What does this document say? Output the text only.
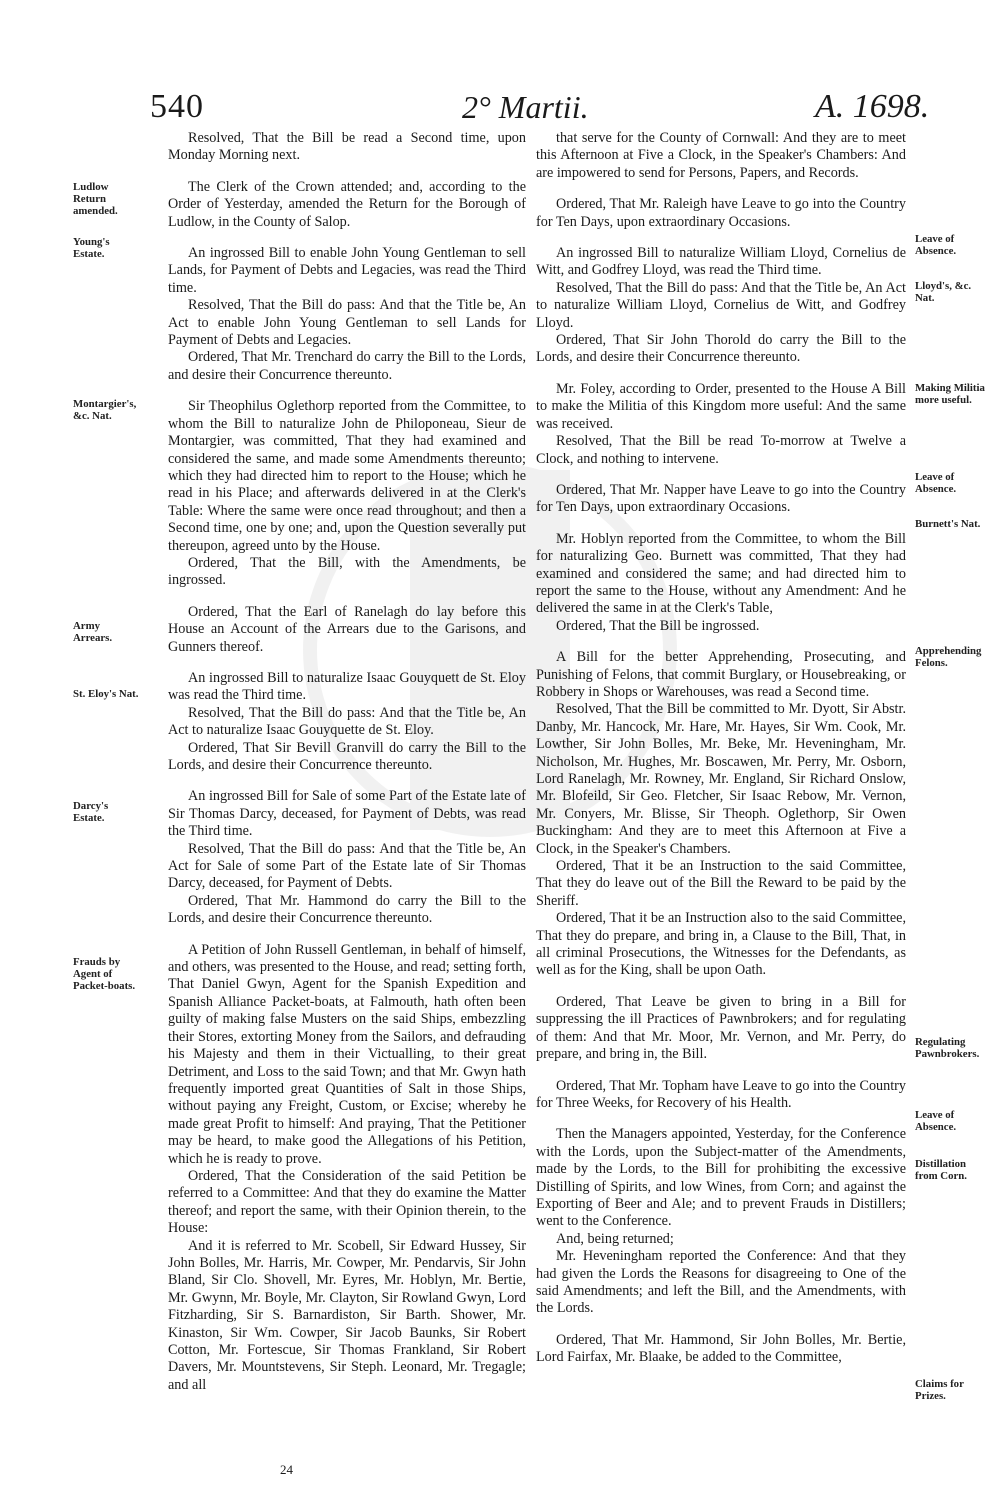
540	2° Martii.	A. 1698.

Resolved, That the Bill be read a Second time, upon Monday Morning next.

The Clerk of the Crown attended; and, according to the Order of Yesterday, amended the Return for the Borough of Ludlow, in the County of Salop.

An ingrossed Bill to enable John Young Gentleman to sell Lands, for Payment of Debts and Legacies, was read the Third time.

Resolved, That the Bill do pass: And that the Title be, An Act to enable John Young Gentleman to sell Lands for Payment of Debts and Legacies.

Ordered, That Mr. Trenchard do carry the Bill to the Lords, and desire their Concurrence thereunto.

Sir Theophilus Oglethorp reported from the Committee, to whom the Bill to naturalize John de Philoponeau, Sieur de Montargier, was committed, That they had examined and considered the same, and made some Amendments thereunto; which they had directed him to report to the House; which he read in his Place; and afterwards delivered in at the Clerk's Table: Where the same were once read throughout; and then a Second time, one by one; and, upon the Question severally put thereupon, agreed unto by the House.

Ordered, That the Bill, with the Amendments, be ingrossed.

Ordered, That the Earl of Ranelagh do lay before this House an Account of the Arrears due to the Garisons, and Gunners thereof.

An ingrossed Bill to naturalize Isaac Gouyquett de St. Eloy was read the Third time.

Resolved, That the Bill do pass: And that the Title be, An Act to naturalize Isaac Gouyquette de St. Eloy.

Ordered, That Sir Bevill Granvill do carry the Bill to the Lords, and desire their Concurrence thereunto.

An ingrossed Bill for Sale of some Part of the Estate late of Sir Thomas Darcy, deceased, for Payment of Debts, was read the Third time.

Resolved, That the Bill do pass: And that the Title be, An Act for Sale of some Part of the Estate late of Sir Thomas Darcy, deceased, for Payment of Debts.

Ordered, That Mr. Hammond do carry the Bill to the Lords, and desire their Concurrence thereunto.

A Petition of John Russell Gentleman, in behalf of himself, and others, was presented to the House, and read; setting forth, That Daniel Gwyn, Agent for the Spanish Expedition and Spanish Alliance Packet-boats, at Falmouth, hath often been guilty of making false Musters on the said Ships, embezzling their Stores, extorting Money from the Sailors, and defrauding his Majesty and them in their Victualling, to their great Detriment, and Loss to the said Town; and that Mr. Gwyn hath frequently imported great Quantities of Salt in those Ships, without paying any Freight, Custom, or Excise; whereby he made great Profit to himself: And praying, That the Petitioner may be heard, to make good the Allegations of his Petition, which he is ready to prove.

Ordered, That the Consideration of the said Petition be referred to a Committee: And that they do examine the Matter thereof; and report the same, with their Opinion therein, to the House:

And it is referred to Mr. Scobell, Sir Edward Hussey, Sir John Bolles, Mr. Harris, Mr. Cowper, Mr. Pendarvis, Sir John Bland, Sir Clo. Shovell, Mr. Eyres, Mr. Hoblyn, Mr. Bertie, Mr. Gwynn, Mr. Boyle, Mr. Clayton, Sir Rowland Gwyn, Lord Fitzharding, Sir S. Barnardiston, Sir Barth. Shower, Mr. Kinaston, Sir Wm. Cowper, Sir Jacob Baunks, Sir Robert Cotton, Mr. Fortescue, Sir Thomas Frankland, Sir Robert Davers, Mr. Mountstevens, Sir Steph. Leonard, Mr. Tregagle; and all

that serve for the County of Cornwall: And they are to meet this Afternoon at Five a Clock, in the Speaker's Chambers: And are impowered to send for Persons, Papers, and Records.

Ordered, That Mr. Raleigh have Leave to go into the Country for Ten Days, upon extraordinary Occasions.

An ingrossed Bill to naturalize William Lloyd, Cornelius de Witt, and Godfrey Lloyd, was read the Third time.

Resolved, That the Bill do pass: And that the Title be, An Act to naturalize William Lloyd, Cornelius de Witt, and Godfrey Lloyd.

Ordered, That Sir John Thorold do carry the Bill to the Lords, and desire their Concurrence thereunto.

Mr. Foley, according to Order, presented to the House A Bill to make the Militia of this Kingdom more useful: And the same was received.

Resolved, That the Bill be read To-morrow at Twelve a Clock, and nothing to intervene.

Ordered, That Mr. Napper have Leave to go into the Country for Ten Days, upon extraordinary Occasions.

Mr. Hoblyn reported from the Committee, to whom the Bill for naturalizing Geo. Burnett was committed, That they had examined and considered the same; and had directed him to report the same to the House, without any Amendment: And he delivered the same in at the Clerk's Table,

Ordered, That the Bill be ingrossed.

A Bill for the better Apprehending, Prosecuting, and Punishing of Felons, that commit Burglary, or Housebreaking, or Robbery in Shops or Warehouses, was read a Second time.

Resolved, That the Bill be committed to Mr. Dyott, Sir Abstr. Danby, Mr. Hancock, Mr. Hare, Mr. Hayes, Sir Wm. Cook, Mr. Lowther, Sir John Bolles, Mr. Beke, Mr. Heveningham, Mr. Nicholson, Mr. Hughes, Mr. Boscawen, Mr. Perry, Mr. Osborn, Lord Ranelagh, Mr. Rowney, Mr. England, Sir Richard Onslow, Mr. Blofeild, Sir Geo. Fletcher, Sir Isaac Rebow, Mr. Vernon, Mr. Conyers, Mr. Blisse, Sir Theoph. Oglethorp, Sir Owen Buckingham: And they are to meet this Afternoon at Five a Clock, in the Speaker's Chambers.

Ordered, That it be an Instruction to the said Committee, That they do leave out of the Bill the Reward to be paid by the Sheriff.

Ordered, That it be an Instruction also to the said Committee, That they do prepare, and bring in, a Clause to the Bill, That, in all criminal Prosecutions, the Witnesses for the Defendants, as well as for the King, shall be upon Oath.

Ordered, That Leave be given to bring in a Bill for suppressing the ill Practices of Pawnbrokers; and for regulating of them: And that Mr. Moor, Mr. Vernon, and Mr. Perry, do prepare, and bring in, the Bill.

Ordered, That Mr. Topham have Leave to go into the Country for Three Weeks, for Recovery of his Health.

Then the Managers appointed, Yesterday, for the Conference with the Lords, upon the Subject-matter of the Amendments, made by the Lords, to the Bill for prohibiting the excessive Distilling of Spirits, and low Wines, from Corn; and against the Exporting of Beer and Ale; and to prevent Frauds in Distillers; went to the Conference.

And, being returned;

Mr. Heveningham reported the Conference: And that they had given the Lords the Reasons for disagreeing to One of the said Amendments; and left the Bill, and the Amendments, with the Lords.

Ordered, That Mr. Hammond, Sir John Bolles, Mr. Bertie, Lord Fairfax, Mr. Blaake, be added to the Committee,

Ludlow Return amended.
Young's Estate.
Montargier's, &c. Nat.
Army Arrears.
St. Eloy's Nat.
Darcy's Estate.
Frauds by Agent of Packet-boats.
Leave of Absence.
Lloyd's, &c. Nat.
Making Militia more useful.
Leave of Absence.
Burnett's Nat.
Apprehending Felons.
Regulating Pawnbrokers.
Leave of Absence.
Distillation from Corn.
Claims for Prizes.
24
